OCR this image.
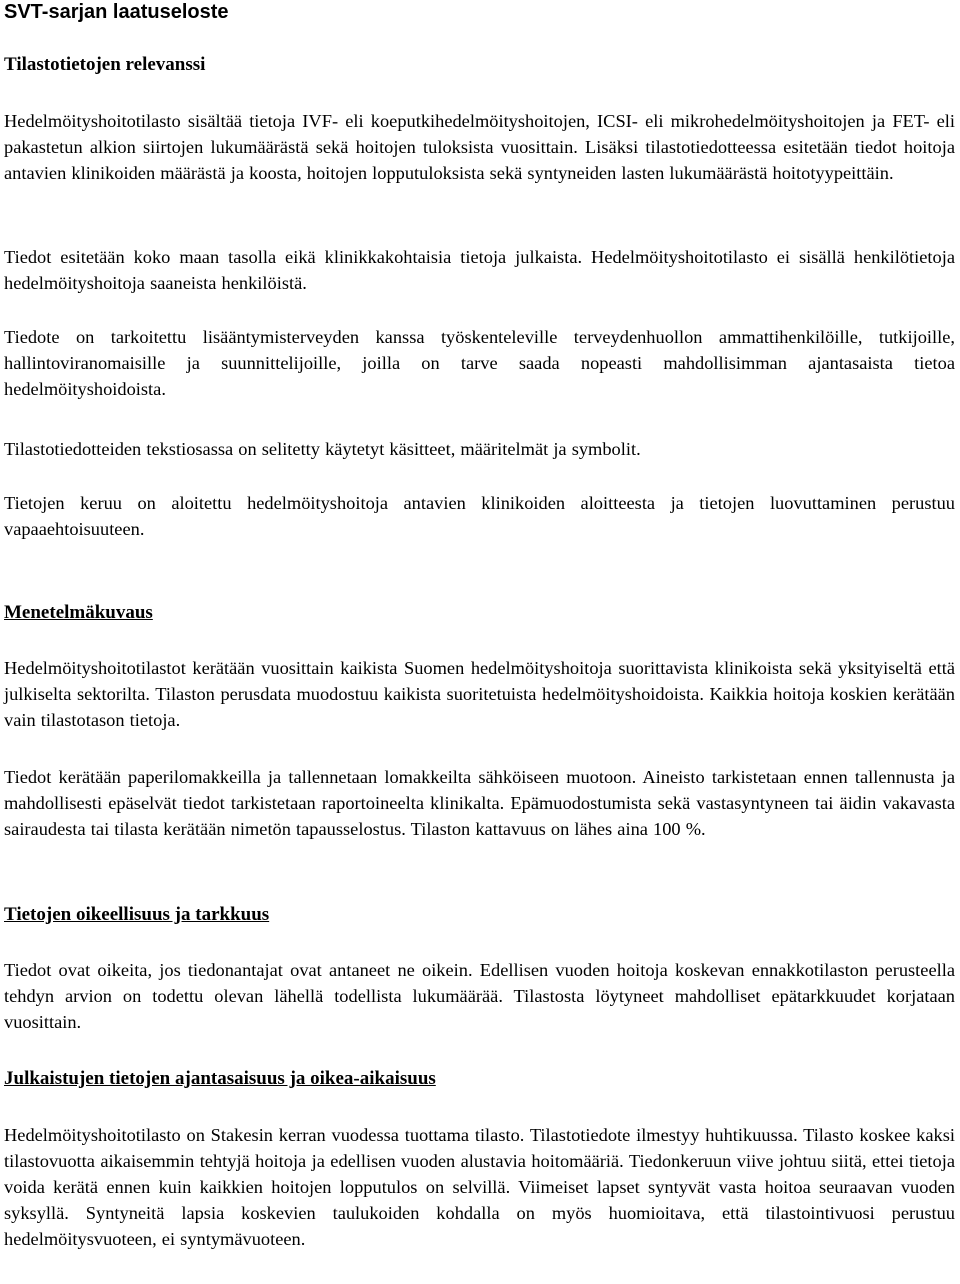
SVT-sarjan laatuseloste
Tilastotietojen relevanssi

Hedelmöityshoitotilasto sisältää tietoja IVF- eli koeputkihedelmöityshoitojen, ICSI- eli mikrohedelmöityshoitojen ja FET- eli pakastetun alkion siirtojen lukumäärästä sekä hoitojen tuloksista vuosittain. Lisäksi tilastotiedotteessa esitetään tiedot hoitoja antavien klinikoiden määrästä ja koosta, hoitojen lopputuloksista sekä syntyneiden lasten lukumäärästä hoitotyypeittäin.

Tiedot esitetään koko maan tasolla eikä klinikkakohtaisia tietoja julkaista. Hedelmöityshoitotilasto ei sisällä henkilötietoja hedelmöityshoitoja saaneista henkilöistä.

Tiedote on tarkoitettu lisääntymisterveyden kanssa työskenteleville terveydenhuollon ammattihenkilöille, tutkijoille, hallintoviranomaisille ja suunnittelijoille, joilla on tarve saada nopeasti mahdollisimman ajantasaista tietoa hedelmöityshoidoista.

Tilastotiedotteiden tekstiosassa on selitetty käytetyt käsitteet, määritelmät ja symbolit.

Tietojen keruu on aloitettu hedelmöityshoitoja antavien klinikoiden aloitteesta ja tietojen luovuttaminen perustuu vapaaehtoisuuteen.

Menetelmäkuvaus

Hedelmöityshoitotilastot kerätään vuosittain kaikista Suomen hedelmöityshoitoja suorittavista klinikoista sekä yksityiseltä että julkiselta sektorilta. Tilaston perusdata muodostuu kaikista suoritetuista hedelmöityshoidoista. Kaikkia hoitoja koskien kerätään vain tilastotason tietoja.

Tiedot kerätään paperilomakkeilla ja tallennetaan lomakkeilta sähköiseen muotoon. Aineisto tarkistetaan ennen tallennusta ja mahdollisesti epäselvät tiedot tarkistetaan raportoineelta klinikalta. Epämuodostumista sekä vastasyntyneen tai äidin vakavasta sairaudesta tai tilasta kerätään nimetön tapausselostus. Tilaston kattavuus on lähes aina 100 %.

Tietojen oikeellisuus ja tarkkuus

Tiedot ovat oikeita, jos tiedonantajat ovat antaneet ne oikein. Edellisen vuoden hoitoja koskevan ennakkotilaston perusteella tehdyn arvion on todettu olevan lähellä todellista lukumäärää. Tilastosta löytyneet mahdolliset epätarkkuudet korjataan vuosittain.

Julkaistujen tietojen ajantasaisuus ja oikea-aikaisuus

Hedelmöityshoitotilasto on Stakesin kerran vuodessa tuottama tilasto. Tilastotiedote ilmestyy huhtikuussa. Tilasto koskee kaksi tilastovuotta aikaisemmin tehtyjä hoitoja ja edellisen vuoden alustavia hoitomääriä. Tiedonkeruun viive johtuu siitä, ettei tietoja voida kerätä ennen kuin kaikkien hoitojen lopputulos on selvillä. Viimeiset lapset syntyvät vasta hoitoa seuraavan vuoden syksyllä. Syntyneitä lapsia koskevien taulukoiden kohdalla on myös huomioitava, että tilastointivuosi perustuu hedelmöitysvuoteen, ei syntymävuoteen.
